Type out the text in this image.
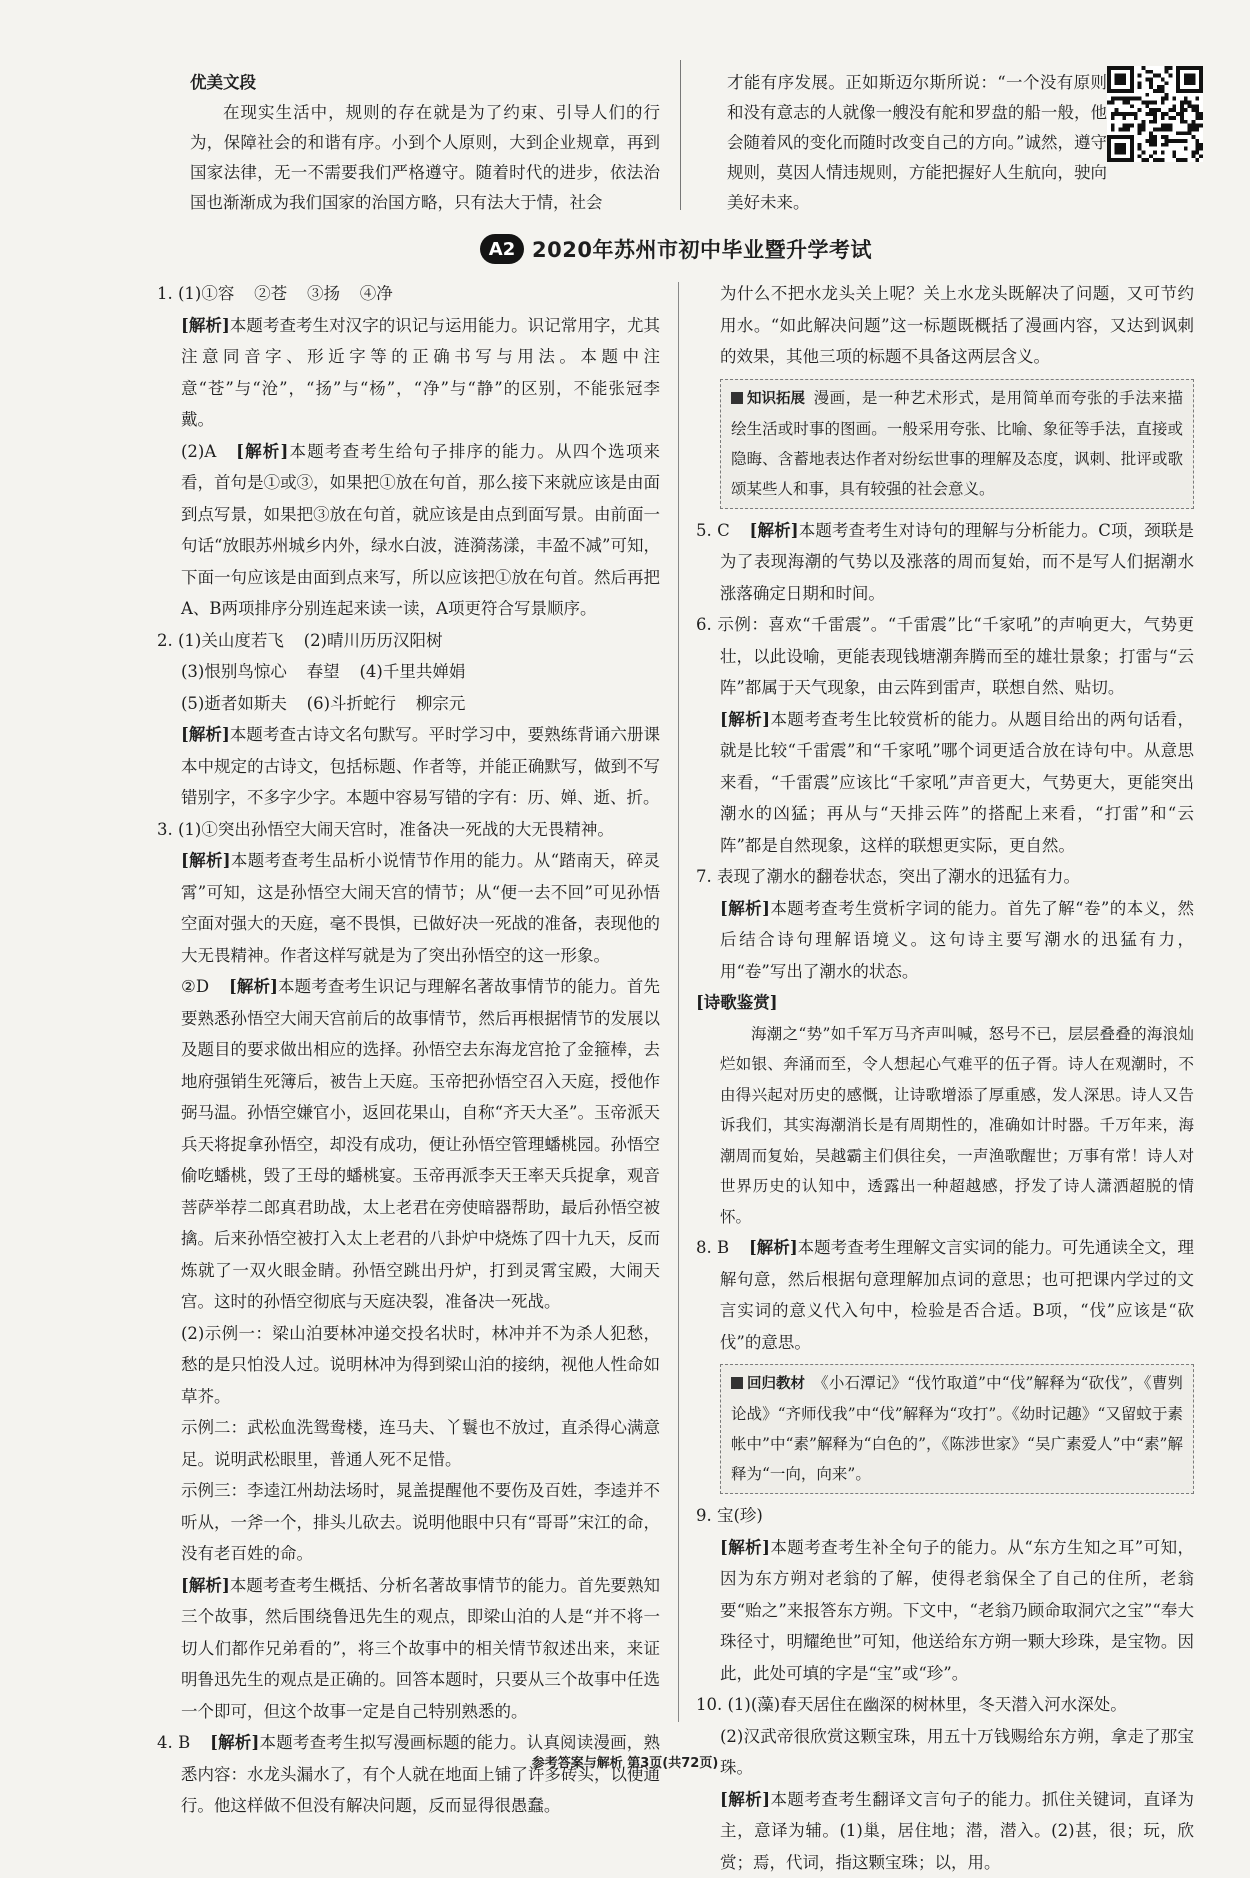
优美文段

在现实生活中，规则的存在就是为了约束、引导人们的行为，保障社会的和谐有序。小到个人原则，大到企业规章，再到国家法律，无一不需要我们严格遵守。随着时代的进步，依法治国也渐渐成为我们国家的治国方略，只有法大于情，社会

才能有序发展。正如斯迈尔斯所说：“一个没有原则和没有意志的人就像一艘没有舵和罗盘的船一般，他会随着风的变化而随时改变自己的方向。”诚然，遵守规则，莫因人情违规则，方能把握好人生航向，驶向美好未来。

A2 2020年苏州市初中毕业暨升学考试

1. (1)①容 ②苍 ③扬 ④净

[解析]本题考查考生对汉字的识记与运用能力。识记常用字，尤其注意同音字、形近字等的正确书写与用法。本题中注意“苍”与“沧”，“扬”与“杨”，“净”与“静”的区别，不能张冠李戴。

(2)A [解析]本题考查考生给句子排序的能力。从四个选项来看，首句是①或③，如果把①放在句首，那么接下来就应该是由面到点写景，如果把③放在句首，就应该是由点到面写景。由前面一句话“放眼苏州城乡内外，绿水白波，涟漪荡漾，丰盈不减”可知，下面一句应该是由面到点来写，所以应该把①放在句首。然后再把A、B两项排序分别连起来读一读，A项更符合写景顺序。

2. (1)关山度若飞 (2)晴川历历汉阳树

(3)恨别鸟惊心 春望 (4)千里共婵娟

(5)逝者如斯夫 (6)斗折蛇行 柳宗元

[解析]本题考查古诗文名句默写。平时学习中，要熟练背诵六册课本中规定的古诗文，包括标题、作者等，并能正确默写，做到不写错别字，不多字少字。本题中容易写错的字有：历、婵、逝、折。

3. (1)①突出孙悟空大闹天宫时，准备决一死战的大无畏精神。

[解析]本题考查考生品析小说情节作用的能力。从“踏南天，碎灵霄”可知，这是孙悟空大闹天宫的情节；从“便一去不回”可见孙悟空面对强大的天庭，毫不畏惧，已做好决一死战的准备，表现他的大无畏精神。作者这样写就是为了突出孙悟空的这一形象。

②D [解析]本题考查考生识记与理解名著故事情节的能力。首先要熟悉孙悟空大闹天宫前后的故事情节，然后再根据情节的发展以及题目的要求做出相应的选择。孙悟空去东海龙宫抢了金箍棒，去地府强销生死簿后，被告上天庭。玉帝把孙悟空召入天庭，授他作弼马温。孙悟空嫌官小，返回花果山，自称“齐天大圣”。玉帝派天兵天将捉拿孙悟空，却没有成功，便让孙悟空管理蟠桃园。孙悟空偷吃蟠桃，毁了王母的蟠桃宴。玉帝再派李天王率天兵捉拿，观音菩萨举荐二郎真君助战，太上老君在旁使暗器帮助，最后孙悟空被擒。后来孙悟空被打入太上老君的八卦炉中烧炼了四十九天，反而炼就了一双火眼金睛。孙悟空跳出丹炉，打到灵霄宝殿，大闹天宫。这时的孙悟空彻底与天庭决裂，准备决一死战。

(2)示例一：梁山泊要林冲递交投名状时，林冲并不为杀人犯愁，愁的是只怕没人过。说明林冲为得到梁山泊的接纳，视他人性命如草芥。

示例二：武松血洗鸳鸯楼，连马夫、丫鬟也不放过，直杀得心满意足。说明武松眼里，普通人死不足惜。

示例三：李逵江州劫法场时，晁盖提醒他不要伤及百姓，李逵并不听从，一斧一个，排头儿砍去。说明他眼中只有“哥哥”宋江的命，没有老百姓的命。

[解析]本题考查考生概括、分析名著故事情节的能力。首先要熟知三个故事，然后围绕鲁迅先生的观点，即梁山泊的人是“并不将一切人们都作兄弟看的”，将三个故事中的相关情节叙述出来，来证明鲁迅先生的观点是正确的。回答本题时，只要从三个故事中任选一个即可，但这个故事一定是自己特别熟悉的。

4. B [解析]本题考查考生拟写漫画标题的能力。认真阅读漫画，熟悉内容：水龙头漏水了，有个人就在地面上铺了许多砖头，以便通行。他这样做不但没有解决问题，反而显得很愚蠢。

为什么不把水龙头关上呢？关上水龙头既解决了问题，又可节约用水。“如此解决问题”这一标题既概括了漫画内容，又达到讽刺的效果，其他三项的标题不具备这两层含义。

知识拓展 漫画，是一种艺术形式，是用简单而夸张的手法来描绘生活或时事的图画。一般采用夸张、比喻、象征等手法，直接或隐晦、含蓄地表达作者对纷纭世事的理解及态度，讽刺、批评或歌颂某些人和事，具有较强的社会意义。

5. C [解析]本题考查考生对诗句的理解与分析能力。C项，颈联是为了表现海潮的气势以及涨落的周而复始，而不是写人们据潮水涨落确定日期和时间。

6. 示例：喜欢“千雷震”。“千雷震”比“千家吼”的声响更大，气势更壮，以此设喻，更能表现钱塘潮奔腾而至的雄壮景象；打雷与“云阵”都属于天气现象，由云阵到雷声，联想自然、贴切。

[解析]本题考查考生比较赏析的能力。从题目给出的两句话看，就是比较“千雷震”和“千家吼”哪个词更适合放在诗句中。从意思来看，“千雷震”应该比“千家吼”声音更大，气势更大，更能突出潮水的凶猛；再从与“天排云阵”的搭配上来看，“打雷”和“云阵”都是自然现象，这样的联想更实际，更自然。

7. 表现了潮水的翻卷状态，突出了潮水的迅猛有力。

[解析]本题考查考生赏析字词的能力。首先了解“卷”的本义，然后结合诗句理解语境义。这句诗主要写潮水的迅猛有力，用“卷”写出了潮水的状态。

[诗歌鉴赏]

海潮之“势”如千军万马齐声叫喊，怒号不已，层层叠叠的海浪灿烂如银、奔涌而至，令人想起心气难平的伍子胥。诗人在观潮时，不由得兴起对历史的感慨，让诗歌增添了厚重感，发人深思。诗人又告诉我们，其实海潮消长是有周期性的，准确如计时器。千万年来，海潮周而复始，吴越霸主们俱往矣，一声渔歌醒世；万事有常！诗人对世界历史的认知中，透露出一种超越感，抒发了诗人潇洒超脱的情怀。

8. B [解析]本题考查考生理解文言实词的能力。可先通读全文，理解句意，然后根据句意理解加点词的意思；也可把课内学过的文言实词的意义代入句中，检验是否合适。B项，“伐”应该是“砍伐”的意思。

回归教材 《小石潭记》“伐竹取道”中“伐”解释为“砍伐”，《曹刿论战》“齐师伐我”中“伐”解释为“攻打”。《幼时记趣》“又留蚊于素帐中”中“素”解释为“白色的”，《陈涉世家》“吴广素爱人”中“素”解释为“一向，向来”。

9. 宝(珍)

[解析]本题考查考生补全句子的能力。从“东方生知之耳”可知，因为东方朔对老翁的了解，使得老翁保全了自己的住所，老翁要“贻之”来报答东方朔。下文中，“老翁乃顾命取洞穴之宝”“奉大珠径寸，明耀绝世”可知，他送给东方朔一颗大珍珠，是宝物。因此，此处可填的字是“宝”或“珍”。

10. (1)(藻)春天居住在幽深的树林里，冬天潜入河水深处。

(2)汉武帝很欣赏这颗宝珠，用五十万钱赐给东方朔，拿走了那宝珠。

[解析]本题考查考生翻译文言句子的能力。抓住关键词，直译为主，意译为辅。(1)巢，居住地；潜，潜入。(2)甚，很；玩，欣赏；焉，代词，指这颗宝珠；以，用。

参考答案与解析 第3页(共72页)
